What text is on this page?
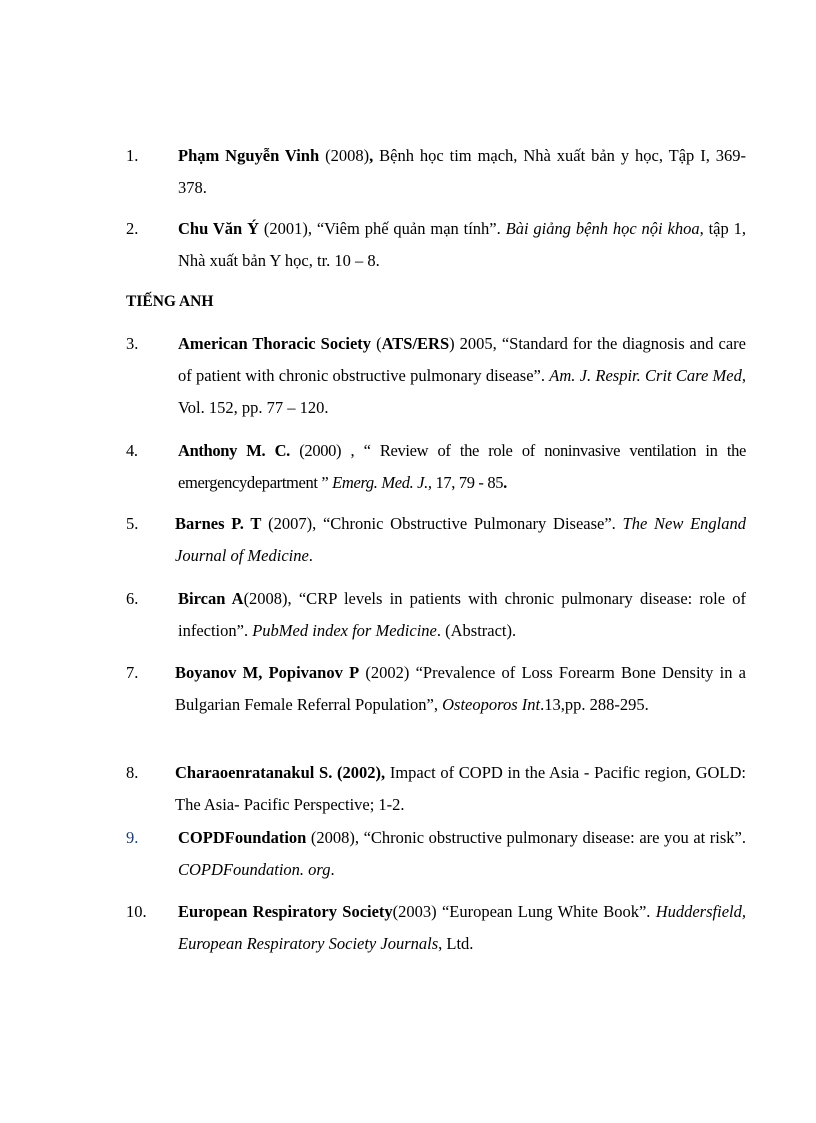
1.	Phạm Nguyễn Vinh (2008), Bệnh học tim mạch, Nhà xuất bản y học, Tập I, 369-378.
2.	Chu Văn Ý (2001), “Viêm phế quản mạn tính”. Bài giảng bệnh học nội khoa, tập 1, Nhà xuất bản Y học, tr. 10 – 8.
TIẾNG ANH
3.	American Thoracic Society (ATS/ERS) 2005, “Standard for the diagnosis and care of patient with chronic obstructive pulmonary disease”. Am. J. Respir. Crit Care Med, Vol. 152, pp. 77 – 120.
4.	Anthony M. C. (2000) , “ Review of the role of noninvasive ventilation in the emergencydepartment ” Emerg. Med. J., 17, 79 - 85.
5.	Barnes P. T (2007), “Chronic Obstructive Pulmonary Disease”. The New England Journal of Medicine.
6.	Bircan A(2008), “CRP levels in patients with chronic pulmonary disease: role of infection”. PubMed index for Medicine. (Abstract).
7.	Boyanov M, Popivanov P (2002) “Prevalence of Loss Forearm Bone Density in a Bulgarian Female Referral Population”, Osteoporos Int.13,pp. 288-295.
8.	Charaoenratanakul S. (2002), Impact of COPD in the Asia - Pacific region, GOLD: The Asia- Pacific Perspective; 1-2.
9.	COPDFoundation (2008), “Chronic obstructive pulmonary disease: are you at risk”. COPDFoundation. org.
10.	European Respiratory Society(2003) “European Lung White Book”. Huddersfield, European Respiratory Society Journals, Ltd.
